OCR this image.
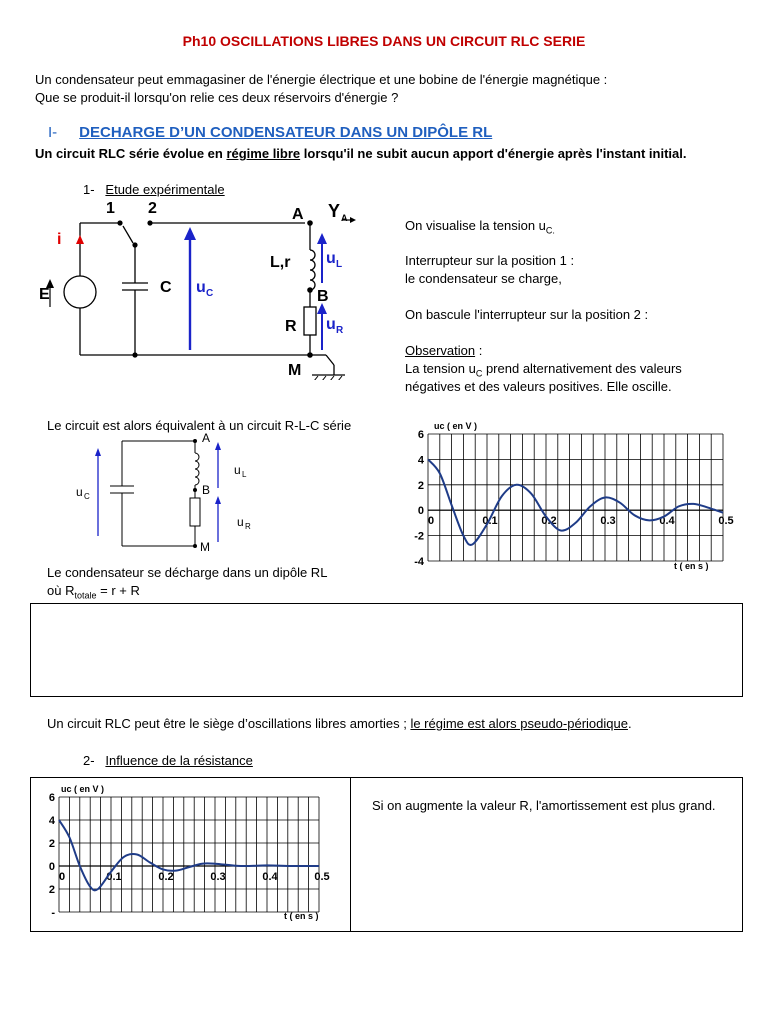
Ph10 OSCILLATIONS LIBRES DANS UN CIRCUIT RLC SERIE
Un condensateur peut emmagasiner de l'énergie électrique et une bobine de l'énergie magnétique :
Que se produit-il lorsqu'on relie ces deux réservoirs d'énergie ?
I- DECHARGE D’UN CONDENSATEUR DANS UN DIPÔLE RL
Un circuit RLC série évolue en régime libre lorsqu'il ne subit aucun apport d'énergie après l'instant initial.
1- Etude expérimentale
1 2	A Y A
i
E	C u C
L,r u L
B
R u R
M
On visualise la tension $u_{C.}$
Interrupteur sur la position 1 :
le condensateur se charge,
On bascule l'interrupteur sur la position 2 :
Observation :
La tension $u_C$ prend alternativement des valeurs
négatives et des valeurs positives. Elle oscille.
Le circuit est alors équivalent à un circuit R-L-C série
A
B
M
u C
u L
u R
Le condensateur se décharge dans un dipôle RL
où $R_{totale} = r + R$
6
4
2
0
-2
-4
0	0.1	0.2	0.3	0.4	0.5
uc ( en V )
t ( en s )
Un circuit RLC peut être le siège d’oscillations libres amorties ; le régime est alors pseudo-périodique.
2- Influence de la résistance
Si on augmente la valeur R, l'amortissement est plus grand.
6
4
2
0
2
-
0	0.1	0.2	0.3	0.4	0.5
uc ( en V )
t ( en s )
